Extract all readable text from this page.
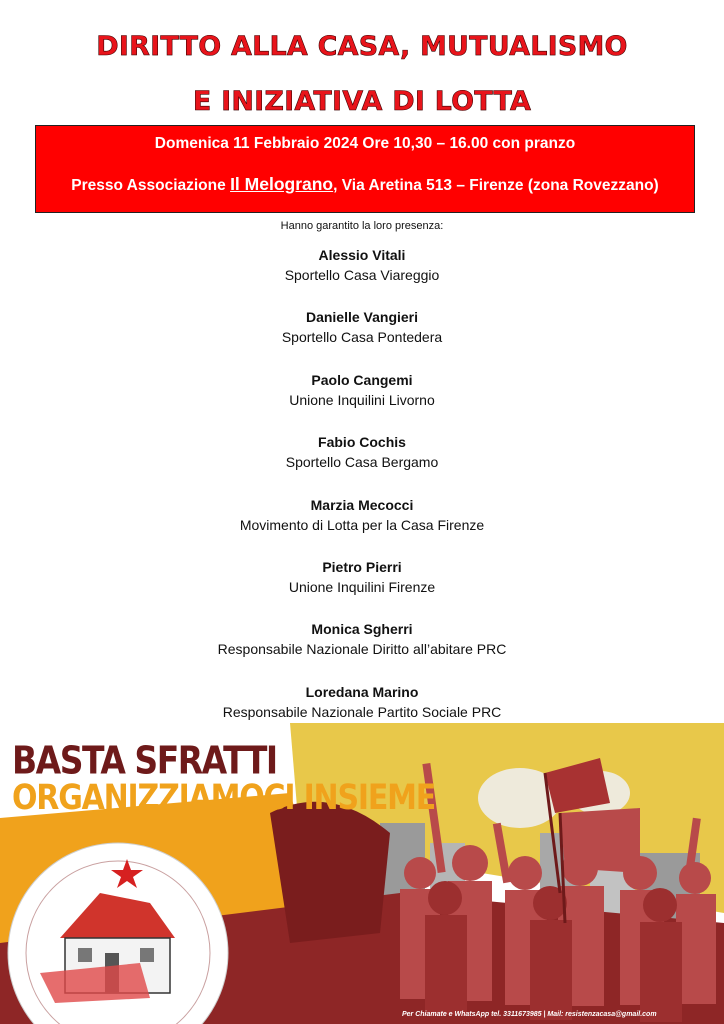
DIRITTO ALLA CASA, MUTUALISMO
E INIZIATIVA DI LOTTA
Domenica 11 Febbraio 2024 Ore 10,30 – 16.00 con pranzo
Presso Associazione Il Melograno, Via Aretina 513 – Firenze (zona Rovezzano)
Hanno garantito la loro presenza:
Alessio Vitali
Sportello Casa Viareggio
Danielle Vangieri
Sportello Casa Pontedera
Paolo Cangemi
Unione Inquilini Livorno
Fabio Cochis
Sportello Casa Bergamo
Marzia Mecocci
Movimento di Lotta per la Casa Firenze
Pietro Pierri
Unione Inquilini Firenze
Monica Sgherri
Responsabile Nazionale Diritto all’abitare PRC
Loredana Marino
Responsabile Nazionale Partito Sociale PRC
BASTA SFRATTI
ORGANIZZIAMOCI INSIEME
Per Chiamate e WhatsApp tel. 3311673985 | Mail: resistenzacasa@gmail.com
